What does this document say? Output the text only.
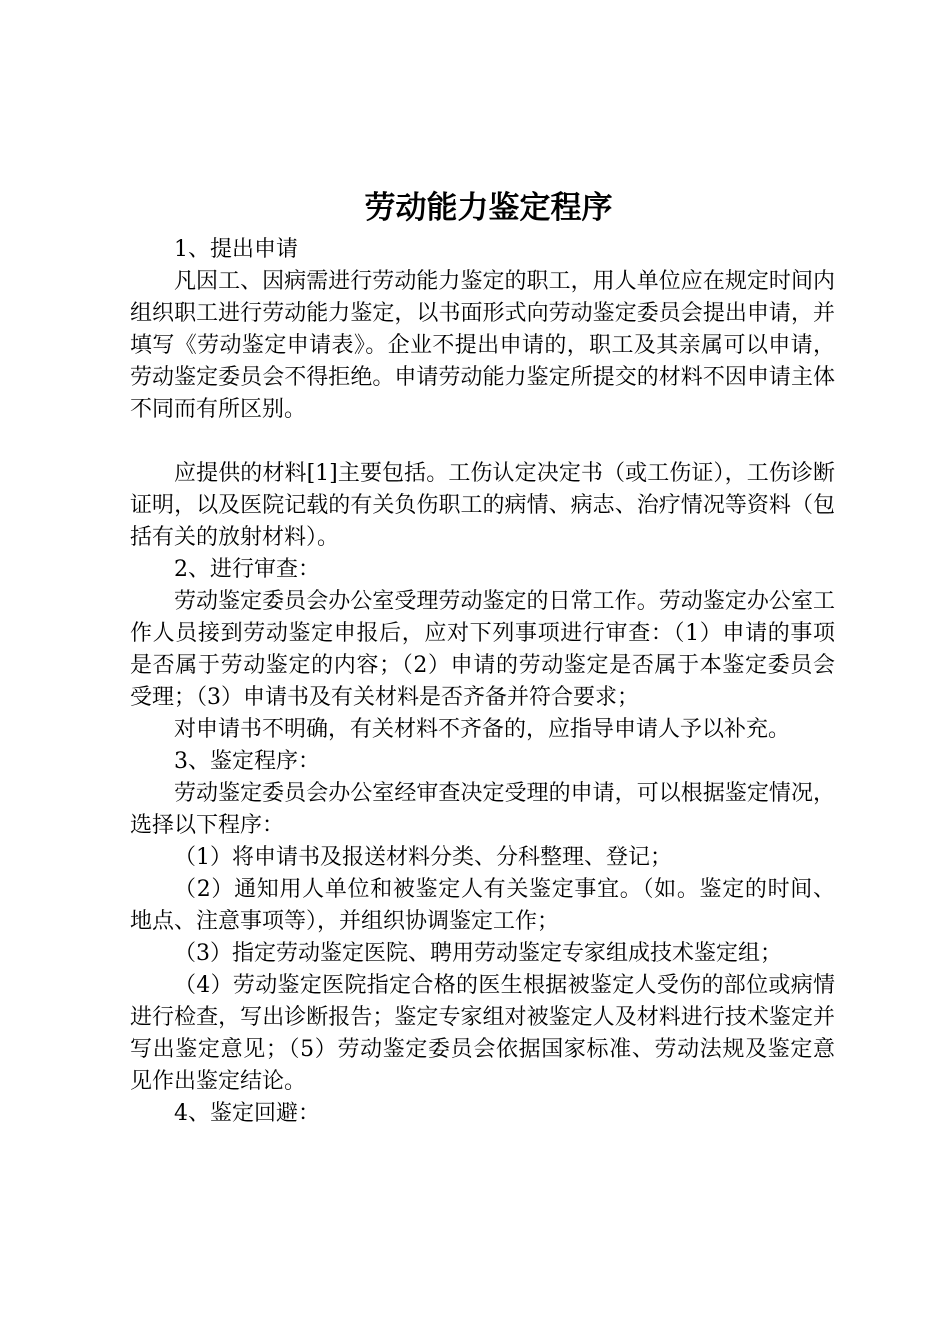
劳动能力鉴定程序

1、提出申请

凡因工、因病需进行劳动能力鉴定的职工，用人单位应在规定时间内组织职工进行劳动能力鉴定，以书面形式向劳动鉴定委员会提出申请，并填写《劳动鉴定申请表》。企业不提出申请的，职工及其亲属可以申请，劳动鉴定委员会不得拒绝。申请劳动能力鉴定所提交的材料不因申请主体不同而有所区别。

应提供的材料[1]主要包括。工伤认定决定书（或工伤证），工伤诊断证明，以及医院记载的有关负伤职工的病情、病志、治疗情况等资料（包括有关的放射材料）。

2、进行审查：

劳动鉴定委员会办公室受理劳动鉴定的日常工作。劳动鉴定办公室工作人员接到劳动鉴定申报后，应对下列事项进行审查：（1）申请的事项是否属于劳动鉴定的内容；（2）申请的劳动鉴定是否属于本鉴定委员会受理；（3）申请书及有关材料是否齐备并符合要求；

对申请书不明确，有关材料不齐备的，应指导申请人予以补充。

3、鉴定程序：

劳动鉴定委员会办公室经审查决定受理的申请，可以根据鉴定情况，选择以下程序：

（1）将申请书及报送材料分类、分科整理、登记；

（2）通知用人单位和被鉴定人有关鉴定事宜。（如。鉴定的时间、地点、注意事项等），并组织协调鉴定工作；

（3）指定劳动鉴定医院、聘用劳动鉴定专家组成技术鉴定组；

（4）劳动鉴定医院指定合格的医生根据被鉴定人受伤的部位或病情进行检查，写出诊断报告；鉴定专家组对被鉴定人及材料进行技术鉴定并写出鉴定意见；（5）劳动鉴定委员会依据国家标准、劳动法规及鉴定意见作出鉴定结论。

4、鉴定回避：
